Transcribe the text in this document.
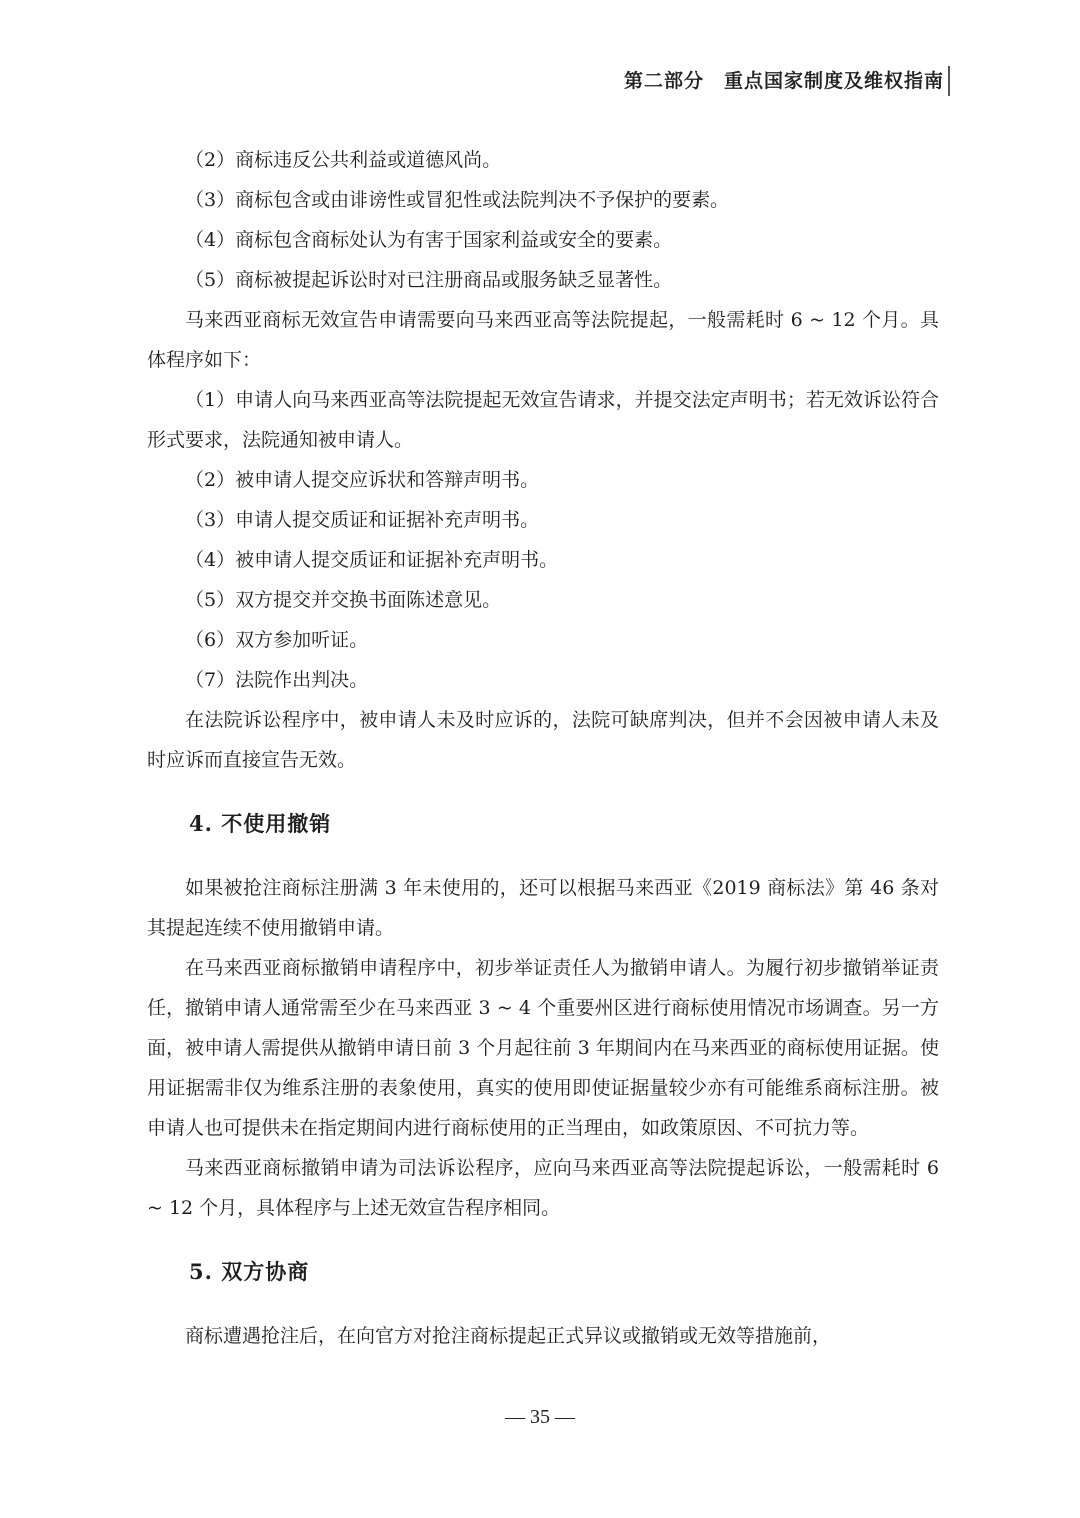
第二部分　重点国家制度及维权指南

（2）商标违反公共利益或道德风尚。

（3）商标包含或由诽谤性或冒犯性或法院判决不予保护的要素。

（4）商标包含商标处认为有害于国家利益或安全的要素。

（5）商标被提起诉讼时对已注册商品或服务缺乏显著性。

马来西亚商标无效宣告申请需要向马来西亚高等法院提起，一般需耗时 6 ~ 12 个月。具体程序如下：

（1）申请人向马来西亚高等法院提起无效宣告请求，并提交法定声明书；若无效诉讼符合形式要求，法院通知被申请人。

（2）被申请人提交应诉状和答辩声明书。

（3）申请人提交质证和证据补充声明书。

（4）被申请人提交质证和证据补充声明书。

（5）双方提交并交换书面陈述意见。

（6）双方参加听证。

（7）法院作出判决。

在法院诉讼程序中，被申请人未及时应诉的，法院可缺席判决，但并不会因被申请人未及时应诉而直接宣告无效。

4. 不使用撤销

如果被抢注商标注册满 3 年未使用的，还可以根据马来西亚《2019 商标法》第 46 条对其提起连续不使用撤销申请。

在马来西亚商标撤销申请程序中，初步举证责任人为撤销申请人。为履行初步撤销举证责任，撤销申请人通常需至少在马来西亚 3 ~ 4 个重要州区进行商标使用情况市场调查。另一方面，被申请人需提供从撤销申请日前 3 个月起往前 3 年期间内在马来西亚的商标使用证据。使用证据需非仅为维系注册的表象使用，真实的使用即使证据量较少亦有可能维系商标注册。被申请人也可提供未在指定期间内进行商标使用的正当理由，如政策原因、不可抗力等。

马来西亚商标撤销申请为司法诉讼程序，应向马来西亚高等法院提起诉讼，一般需耗时 6 ~ 12 个月，具体程序与上述无效宣告程序相同。

5. 双方协商

商标遭遇抢注后，在向官方对抢注商标提起正式异议或撤销或无效等措施前，

— 35 —
